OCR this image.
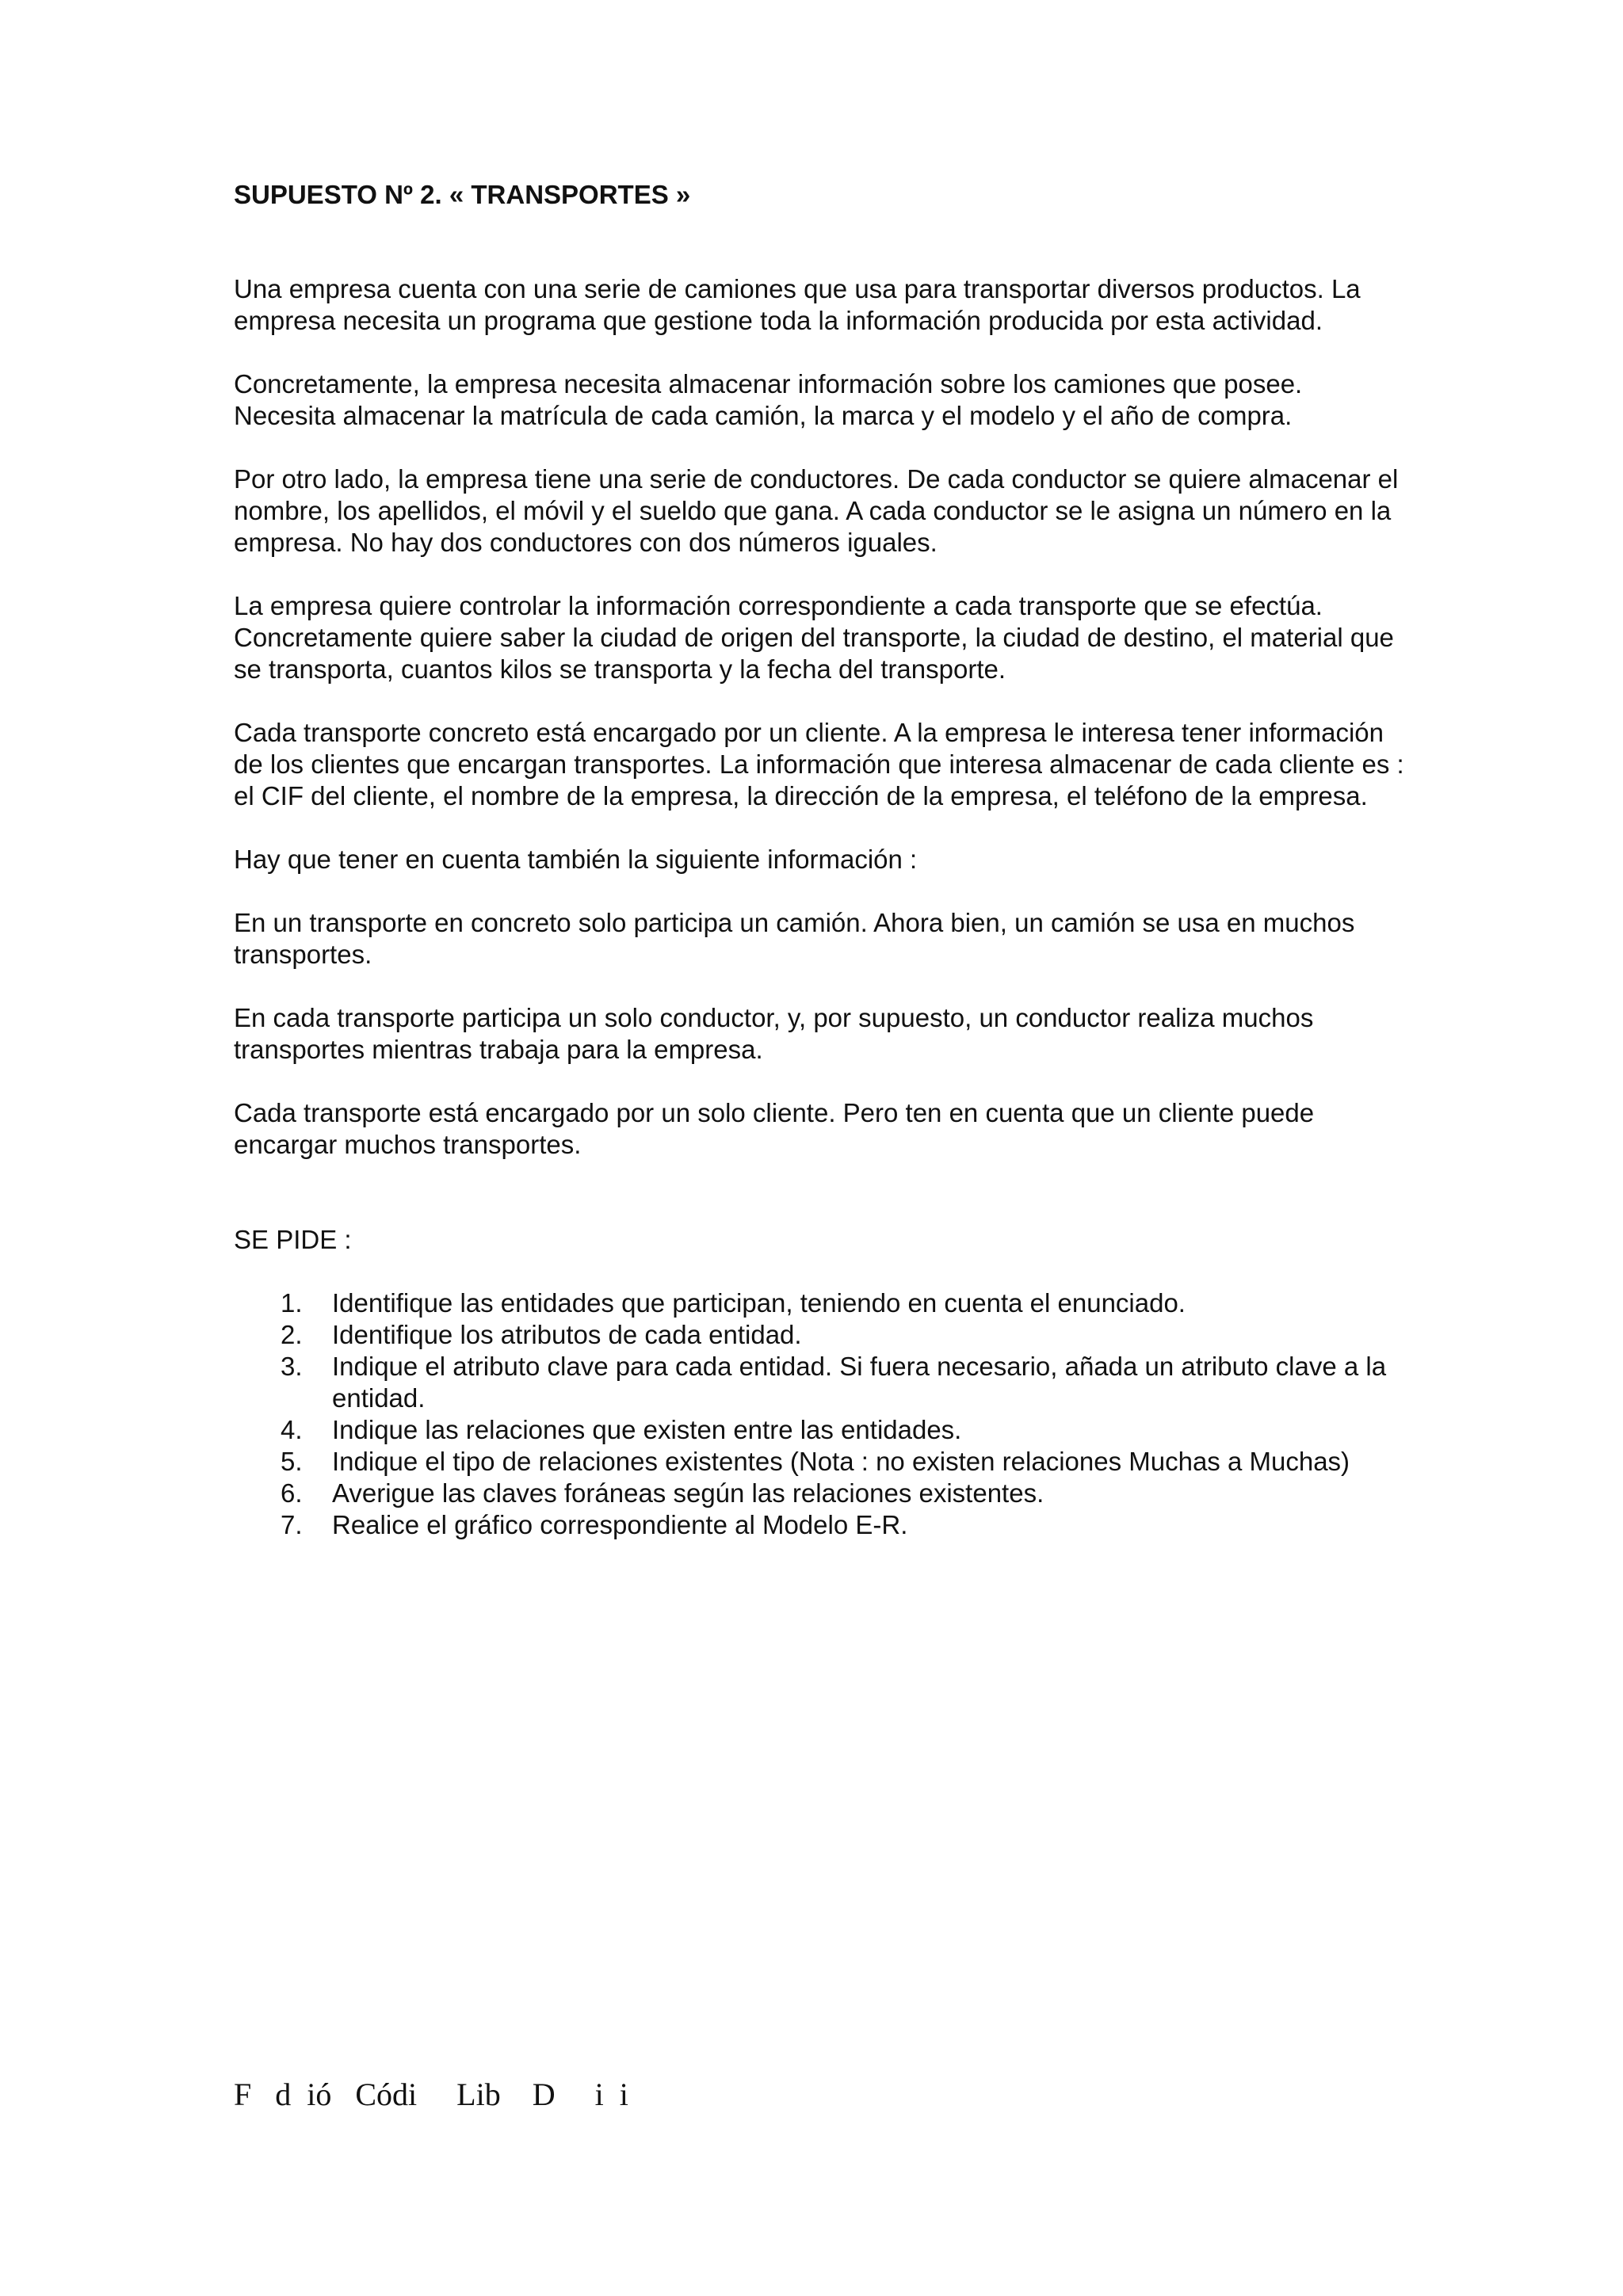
SUPUESTO Nº 2. « TRANSPORTES »
Una empresa cuenta con una serie de camiones que usa para transportar diversos productos. La empresa necesita un programa que gestione toda la información producida por esta actividad.
Concretamente, la empresa necesita almacenar información sobre los camiones que posee. Necesita almacenar la matrícula de cada camión, la marca y el modelo y el año de compra.
Por otro lado, la empresa tiene una serie de conductores. De cada conductor se quiere almacenar el nombre, los apellidos, el móvil y el sueldo que gana. A cada conductor se le asigna un número en la empresa. No hay dos conductores con dos números iguales.
La empresa quiere controlar la información correspondiente a cada transporte que se efectúa. Concretamente quiere saber la ciudad de origen del transporte, la ciudad de destino, el material que se transporta, cuantos kilos se transporta y la fecha del transporte.
Cada transporte concreto está encargado por un cliente. A la empresa le interesa tener información de los clientes que encargan transportes. La información que interesa almacenar de cada cliente es : el CIF del cliente, el nombre de la empresa, la dirección de la empresa, el teléfono de la empresa.
Hay que tener en cuenta también la siguiente información :
En un transporte en concreto solo participa un camión. Ahora bien, un camión se usa en muchos transportes.
En cada transporte participa un solo conductor, y, por supuesto, un conductor realiza muchos transportes mientras trabaja para la empresa.
Cada transporte está encargado por un solo cliente. Pero ten en cuenta que un cliente puede encargar muchos transportes.
SE PIDE :
1. Identifique las entidades que participan, teniendo en cuenta el enunciado.
2. Identifique los atributos de cada entidad.
3. Indique el atributo clave para cada entidad. Si fuera necesario, añada un atributo clave a la entidad.
4. Indique las relaciones que existen entre las entidades.
5. Indique el tipo de relaciones existentes (Nota : no existen relaciones Muchas a Muchas)
6. Averigue las claves foráneas según las relaciones existentes.
7. Realice el gráfico correspondiente al Modelo E-R.
F   d  ió   Códi     Lib    D     i  i
